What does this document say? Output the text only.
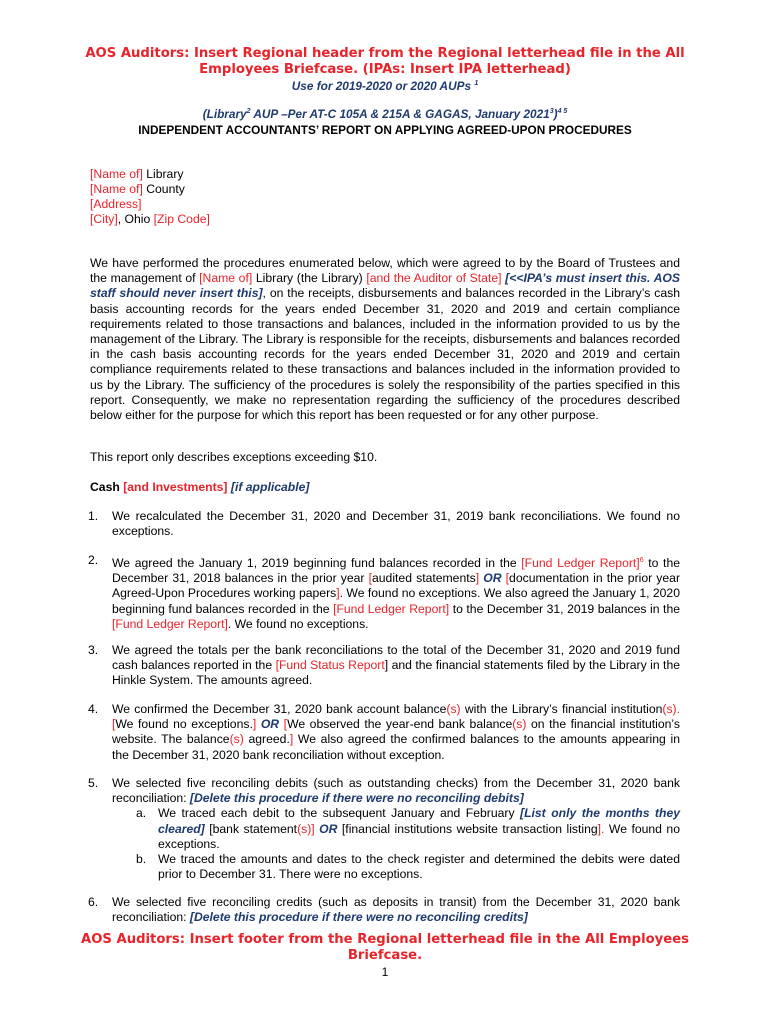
AOS Auditors: Insert Regional header from the Regional letterhead file in the All
Employees Briefcase. (IPAs: Insert IPA letterhead)
Use for 2019-2020 or 2020 AUPs $^1$
(Library$^2$ AUP –Per AT-C 105A & 215A & GAGAS, January 2021$^3$)$^{4 5}$
INDEPENDENT ACCOUNTANTS’ REPORT ON APPLYING AGREED-UPON PROCEDURES
[Name of] Library
[Name of] County
[Address]
[City], Ohio [Zip Code]
We have performed the procedures enumerated below, which were agreed to by the Board of Trustees and the management of [Name of] Library (the Library) [and the Auditor of State] [<<IPA’s must insert this. AOS staff should never insert this], on the receipts, disbursements and balances recorded in the Library’s cash basis accounting records for the years ended December 31, 2020 and 2019 and certain compliance requirements related to those transactions and balances, included in the information provided to us by the management of the Library. The Library is responsible for the receipts, disbursements and balances recorded in the cash basis accounting records for the years ended December 31, 2020 and 2019 and certain compliance requirements related to these transactions and balances included in the information provided to us by the Library. The sufficiency of the procedures is solely the responsibility of the parties specified in this report. Consequently, we make no representation regarding the sufficiency of the procedures described below either for the purpose for which this report has been requested or for any other purpose.
This report only describes exceptions exceeding $10.
Cash [and Investments] [if applicable]
1. We recalculated the December 31, 2020 and December 31, 2019 bank reconciliations. We found no exceptions.
2. We agreed the January 1, 2019 beginning fund balances recorded in the [Fund Ledger Report]$^6$ to the December 31, 2018 balances in the prior year [audited statements] OR [documentation in the prior year Agreed-Upon Procedures working papers]. We found no exceptions. We also agreed the January 1, 2020 beginning fund balances recorded in the [Fund Ledger Report] to the December 31, 2019 balances in the [Fund Ledger Report]. We found no exceptions.
3. We agreed the totals per the bank reconciliations to the total of the December 31, 2020 and 2019 fund cash balances reported in the [Fund Status Report] and the financial statements filed by the Library in the Hinkle System. The amounts agreed.
4. We confirmed the December 31, 2020 bank account balance(s) with the Library’s financial institution(s). [We found no exceptions.] OR [We observed the year-end bank balance(s) on the financial institution’s website. The balance(s) agreed.] We also agreed the confirmed balances to the amounts appearing in the December 31, 2020 bank reconciliation without exception.
5. We selected five reconciling debits (such as outstanding checks) from the December 31, 2020 bank reconciliation: [Delete this procedure if there were no reconciling debits]
a. We traced each debit to the subsequent January and February [List only the months they cleared] [bank statement(s)] OR [financial institutions website transaction listing]. We found no exceptions.
b. We traced the amounts and dates to the check register and determined the debits were dated prior to December 31. There were no exceptions.
6. We selected five reconciling credits (such as deposits in transit) from the December 31, 2020 bank reconciliation: [Delete this procedure if there were no reconciling credits]
AOS Auditors: Insert footer from the Regional letterhead file in the All Employees
Briefcase.
1
